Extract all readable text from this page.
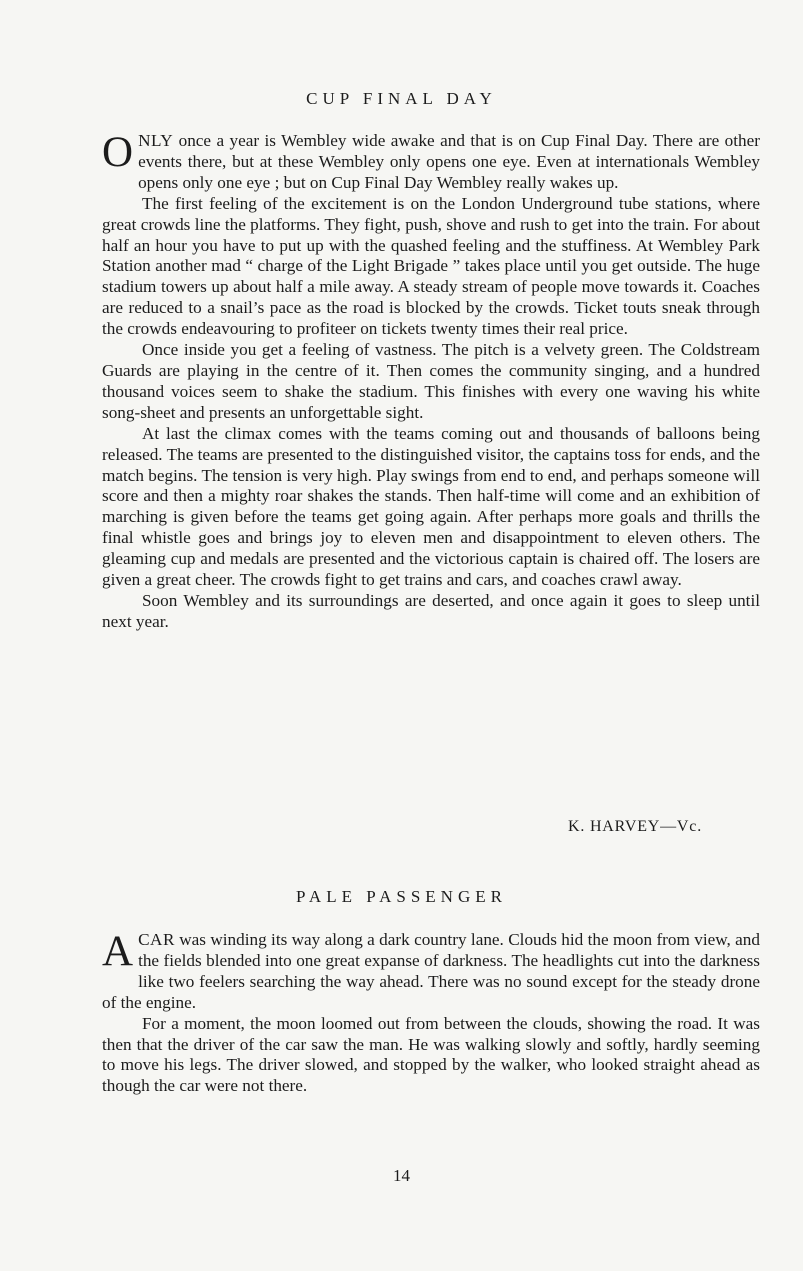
CUP FINAL DAY

ONLY once a year is Wembley wide awake and that is on Cup Final Day. There are other events there, but at these Wembley only opens one eye. Even at internationals Wembley opens only one eye ; but on Cup Final Day Wembley really wakes up.

The first feeling of the excitement is on the London Underground tube stations, where great crowds line the platforms. They fight, push, shove and rush to get into the train. For about half an hour you have to put up with the quashed feeling and the stuffiness. At Wembley Park Station another mad “ charge of the Light Brigade ” takes place until you get outside. The huge stadium towers up about half a mile away. A steady stream of people move towards it. Coaches are reduced to a snail’s pace as the road is blocked by the crowds. Ticket touts sneak through the crowds endeavouring to profiteer on tickets twenty times their real price.

Once inside you get a feeling of vastness. The pitch is a velvety green. The Coldstream Guards are playing in the centre of it. Then comes the community singing, and a hundred thousand voices seem to shake the stadium. This finishes with every one waving his white song-sheet and presents an unforgettable sight.

At last the climax comes with the teams coming out and thousands of balloons being released. The teams are presented to the distinguished visitor, the captains toss for ends, and the match begins. The tension is very high. Play swings from end to end, and perhaps someone will score and then a mighty roar shakes the stands. Then half-time will come and an exhibition of marching is given before the teams get going again. After perhaps more goals and thrills the final whistle goes and brings joy to eleven men and disappointment to eleven others. The gleaming cup and medals are presented and the victorious captain is chaired off. The losers are given a great cheer. The crowds fight to get trains and cars, and coaches crawl away.

Soon Wembley and its surroundings are deserted, and once again it goes to sleep until next year.

K. HARVEY—Vc.
PALE PASSENGER

ACAR was winding its way along a dark country lane. Clouds hid the moon from view, and the fields blended into one great expanse of darkness. The headlights cut into the darkness like two feelers searching the way ahead. There was no sound except for the steady drone of the engine.

For a moment, the moon loomed out from between the clouds, showing the road. It was then that the driver of the car saw the man. He was walking slowly and softly, hardly seeming to move his legs. The driver slowed, and stopped by the walker, who looked straight ahead as though the car were not there.

14
